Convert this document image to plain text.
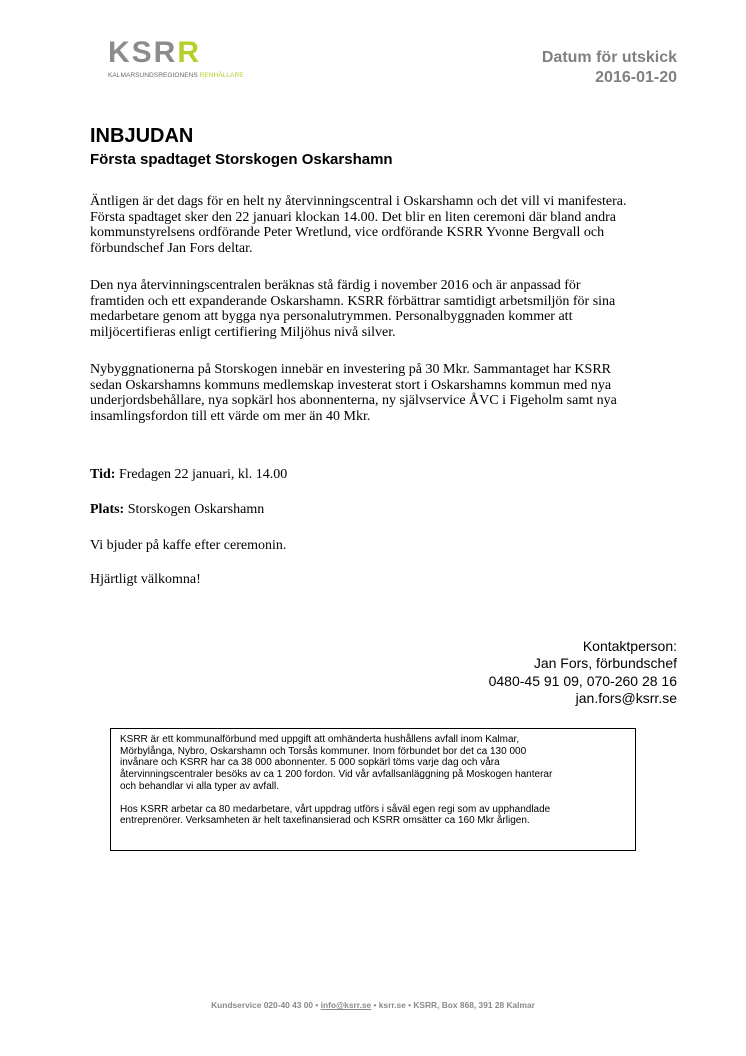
KSRR
KALMARSUNDSREGIONENS RENHÅLLARE
Datum för utskick
2016-01-20
INBJUDAN
Första spadtaget Storskogen Oskarshamn

Äntligen är det dags för en helt ny återvinningscentral i Oskarshamn och det vill vi manifestera.
Första spadtaget sker den 22 januari klockan 14.00. Det blir en liten ceremoni där bland andra
kommunstyrelsens ordförande Peter Wretlund, vice ordförande KSRR Yvonne Bergvall och
förbundschef Jan Fors deltar.

Den nya återvinningscentralen beräknas stå färdig i november 2016 och är anpassad för
framtiden och ett expanderande Oskarshamn. KSRR förbättrar samtidigt arbetsmiljön för sina
medarbetare genom att bygga nya personalutrymmen. Personalbyggnaden kommer att
miljöcertifieras enligt certifiering Miljöhus nivå silver.

Nybyggnationerna på Storskogen innebär en investering på 30 Mkr. Sammantaget har KSRR
sedan Oskarshamns kommuns medlemskap investerat stort i Oskarshamns kommun med nya
underjordsbehållare, nya sopkärl hos abonnenterna, ny självservice ÅVC i Figeholm samt nya
insamlingsfordon till ett värde om mer än 40 Mkr.

Tid: Fredagen 22 januari, kl. 14.00

Plats: Storskogen Oskarshamn

Vi bjuder på kaffe efter ceremonin.

Hjärtligt välkomna!

Kontaktperson:
Jan Fors, förbundschef
0480-45 91 09, 070-260 28 16
jan.fors@ksrr.se
KSRR är ett kommunalförbund med uppgift att omhänderta hushållens avfall inom Kalmar,
Mörbylånga, Nybro, Oskarshamn och Torsås kommuner. Inom förbundet bor det ca 130 000
invånare och KSRR har ca 38 000 abonnenter. 5 000 sopkärl töms varje dag och våra
återvinningscentraler besöks av ca 1 200 fordon. Vid vår avfallsanläggning på Moskogen hanterar
och behandlar vi alla typer av avfall.
Hos KSRR arbetar ca 80 medarbetare, vårt uppdrag utförs i såväl egen regi som av upphandlade
entreprenörer. Verksamheten är helt taxefinansierad och KSRR omsätter ca 160 Mkr årligen.
Kundservice 020-40 43 00 • info@ksrr.se • ksrr.se • KSRR, Box 868, 391 28 Kalmar
